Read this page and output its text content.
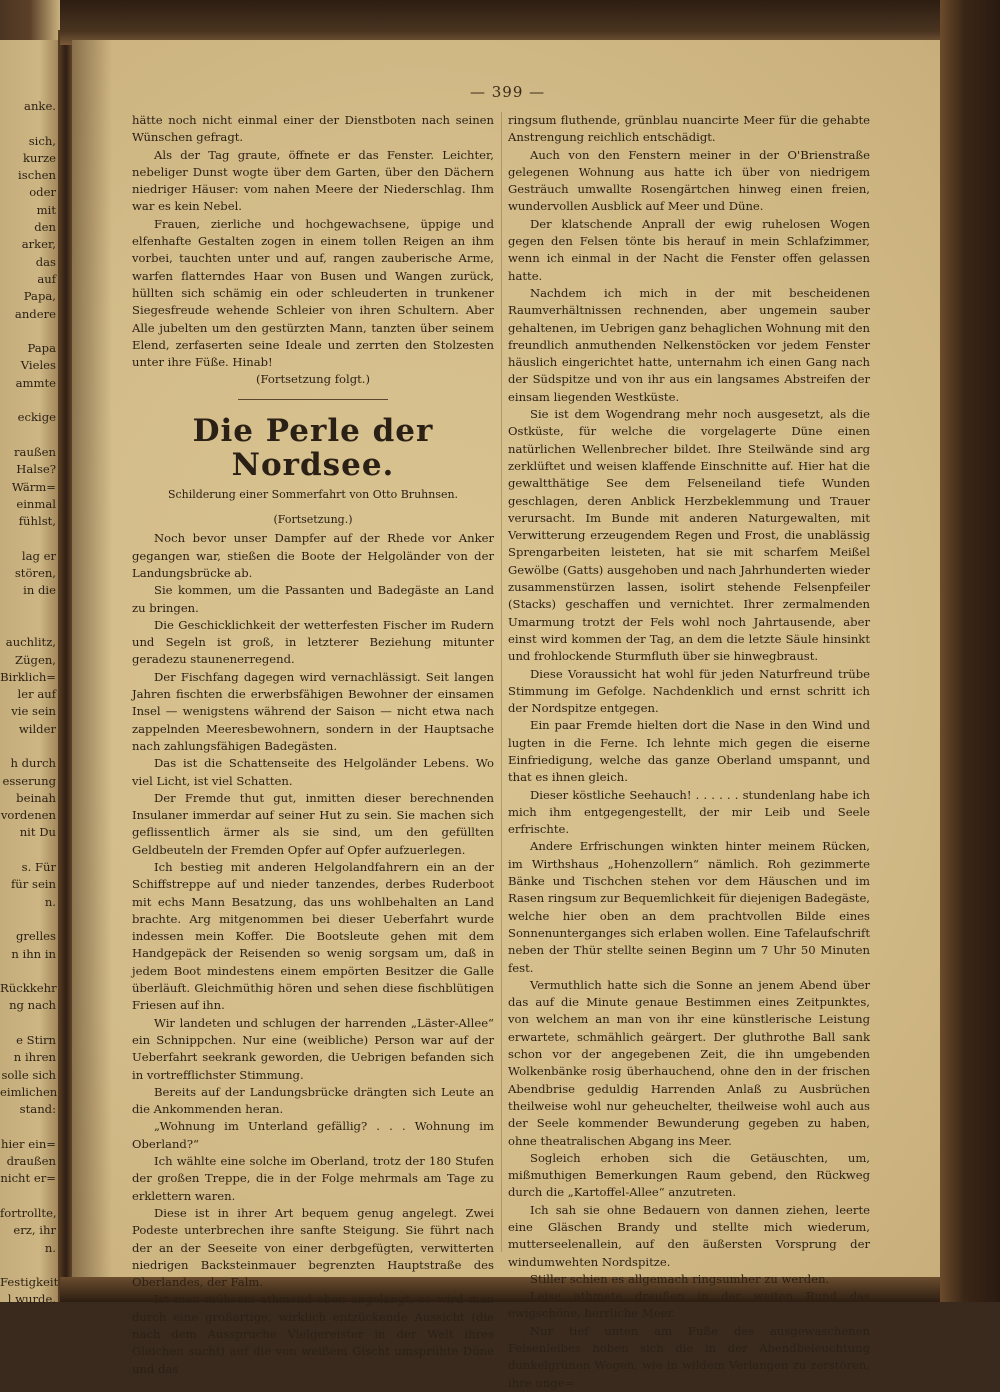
anke.
sich,
kurze
ischen
oder
mit
den
arker,
das
auf
Papa,
andere
Papa
Vieles
ammte
eckige
raußen
Halse?
Wärm=
einmal
fühlst,
lag er
stören,
in die
auchlitz,
Zügen,
Birklich=
ler auf
vie sein
wilder
h durch
esserung
beinah
vordenen
nit Du
s. Für
für sein
n.
grelles
n ihn in
Rückkehr
ng nach
e Stirn
n ihren
solle sich
eimlichen
stand:
hier ein=
draußen
nicht er=
fortrollte,
erz, ihr
n.
Festigkeit
l wurde,
— 399 —

hätte noch nicht einmal einer der Dienstboten nach seinen Wünschen gefragt.

Als der Tag graute, öffnete er das Fenster. Leichter, nebeliger Dunst wogte über dem Garten, über den Dächern niedriger Häuser: vom nahen Meere der Niederschlag. Ihm war es kein Nebel.

Frauen, zierliche und hochgewachsene, üppige und elfenhafte Gestalten zogen in einem tollen Reigen an ihm vorbei, tauchten unter und auf, rangen zauberische Arme, warfen flatterndes Haar von Busen und Wangen zurück, hüllten sich schämig ein oder schleuderten in trunkener Siegesfreude wehende Schleier von ihren Schultern. Aber Alle jubelten um den gestürzten Mann, tanzten über seinem Elend, zerfaserten seine Ideale und zerrten den Stolzesten unter ihre Füße. Hinab!

(Fortsetzung folgt.)

Die Perle der Nordsee.
Schilderung einer Sommerfahrt von Otto Bruhnsen.
(Fortsetzung.)

Noch bevor unser Dampfer auf der Rhede vor Anker gegangen war, stießen die Boote der Helgoländer von der Landungsbrücke ab.

Sie kommen, um die Passanten und Badegäste an Land zu bringen.

Die Geschicklichkeit der wetterfesten Fischer im Rudern und Segeln ist groß, in letzterer Beziehung mitunter geradezu staunenerregend.

Der Fischfang dagegen wird vernachlässigt. Seit langen Jahren fischten die erwerbsfähigen Bewohner der einsamen Insel — wenigstens während der Saison — nicht etwa nach zappelnden Meeresbewohnern, sondern in der Hauptsache nach zahlungsfähigen Badegästen.

Das ist die Schattenseite des Helgoländer Lebens. Wo viel Licht, ist viel Schatten.

Der Fremde thut gut, inmitten dieser berechnenden Insulaner immerdar auf seiner Hut zu sein. Sie machen sich geflissentlich ärmer als sie sind, um den gefüllten Geldbeuteln der Fremden Opfer auf Opfer aufzuerlegen.

Ich bestieg mit anderen Helgolandfahrern ein an der Schiffstreppe auf und nieder tanzendes, derbes Ruderboot mit echs Mann Besatzung, das uns wohlbehalten an Land brachte. Arg mitgenommen bei dieser Ueberfahrt wurde indessen mein Koffer. Die Bootsleute gehen mit dem Handgepäck der Reisenden so wenig sorgsam um, daß in jedem Boot mindestens einem empörten Besitzer die Galle überläuft. Gleichmüthig hören und sehen diese fischblütigen Friesen auf ihn.

Wir landeten und schlugen der harrenden „Läster-Allee“ ein Schnippchen. Nur eine (weibliche) Person war auf der Ueberfahrt seekrank geworden, die Uebrigen befanden sich in vortrefflichster Stimmung.

Bereits auf der Landungsbrücke drängten sich Leute an die Ankommenden heran.

„Wohnung im Unterland gefällig? . . . Wohnung im Oberland?“

Ich wählte eine solche im Oberland, trotz der 180 Stufen der großen Treppe, die in der Folge mehrmals am Tage zu erklettern waren.

Diese ist in ihrer Art bequem genug angelegt. Zwei Podeste unterbrechen ihre sanfte Steigung. Sie führt nach der an der Seeseite von einer derbgefügten, verwitterten niedrigen Backsteinmauer begrenzten Hauptstraße des Oberlandes, der Falm.

Ist man mühsam athmend oben angelangt, so wird man durch eine großartige, wirklich entzückende Aussicht (die nach dem Ausspruche Vielgereister in der Welt ihres Gleichen sucht) auf die von weißem Gischt umsprühte Düne und das

ringsum fluthende, grünblau nuancirte Meer für die gehabte Anstrengung reichlich entschädigt.

Auch von den Fenstern meiner in der O'Brienstraße gelegenen Wohnung aus hatte ich über von niedrigem Gesträuch umwallte Rosengärtchen hinweg einen freien, wundervollen Ausblick auf Meer und Düne.

Der klatschende Anprall der ewig ruhelosen Wogen gegen den Felsen tönte bis herauf in mein Schlafzimmer, wenn ich einmal in der Nacht die Fenster offen gelassen hatte.

Nachdem ich mich in der mit bescheidenen Raumverhältnissen rechnenden, aber ungemein sauber gehaltenen, im Uebrigen ganz behaglichen Wohnung mit den freundlich anmuthenden Nelkenstöcken vor jedem Fenster häuslich eingerichtet hatte, unternahm ich einen Gang nach der Südspitze und von ihr aus ein langsames Abstreifen der einsam liegenden Westküste.

Sie ist dem Wogendrang mehr noch ausgesetzt, als die Ostküste, für welche die vorgelagerte Düne einen natürlichen Wellenbrecher bildet. Ihre Steilwände sind arg zerklüftet und weisen klaffende Einschnitte auf. Hier hat die gewaltthätige See dem Felseneiland tiefe Wunden geschlagen, deren Anblick Herzbeklemmung und Trauer verursacht. Im Bunde mit anderen Naturgewalten, mit Verwitterung erzeugendem Regen und Frost, die unablässig Sprengarbeiten leisteten, hat sie mit scharfem Meißel Gewölbe (Gatts) ausgehoben und nach Jahrhunderten wieder zusammenstürzen lassen, isolirt stehende Felsenpfeiler (Stacks) geschaffen und vernichtet. Ihrer zermalmenden Umarmung trotzt der Fels wohl noch Jahrtausende, aber einst wird kommen der Tag, an dem die letzte Säule hinsinkt und frohlockende Sturmfluth über sie hinwegbraust.

Diese Voraussicht hat wohl für jeden Naturfreund trübe Stimmung im Gefolge. Nachdenklich und ernst schritt ich der Nordspitze entgegen.

Ein paar Fremde hielten dort die Nase in den Wind und lugten in die Ferne. Ich lehnte mich gegen die eiserne Einfriedigung, welche das ganze Oberland umspannt, und that es ihnen gleich.

Dieser köstliche Seehauch! . . . . . . stundenlang habe ich mich ihm entgegengestellt, der mir Leib und Seele erfrischte.

Andere Erfrischungen winkten hinter meinem Rücken, im Wirthshaus „Hohenzollern“ nämlich. Roh gezimmerte Bänke und Tischchen stehen vor dem Häuschen und im Rasen ringsum zur Bequemlichkeit für diejenigen Badegäste, welche hier oben an dem prachtvollen Bilde eines Sonnenunterganges sich erlaben wollen. Eine Tafelaufschrift neben der Thür stellte seinen Beginn um 7 Uhr 50 Minuten fest.

Vermuthlich hatte sich die Sonne an jenem Abend über das auf die Minute genaue Bestimmen eines Zeitpunktes, von welchem an man von ihr eine künstlerische Leistung erwartete, schmählich geärgert. Der gluthrothe Ball sank schon vor der angegebenen Zeit, die ihn umgebenden Wolkenbänke rosig überhauchend, ohne den in der frischen Abendbrise geduldig Harrenden Anlaß zu Ausbrüchen theilweise wohl nur geheuchelter, theilweise wohl auch aus der Seele kommender Bewunderung gegeben zu haben, ohne theatralischen Abgang ins Meer.

Sogleich erhoben sich die Getäuschten, um, mißmuthigen Bemerkungen Raum gebend, den Rückweg durch die „Kartoffel-Allee“ anzutreten.

Ich sah sie ohne Bedauern von dannen ziehen, leerte eine Gläschen Brandy und stellte mich wiederum, mutterseelenallein, auf den äußersten Vorsprung der windumwehten Nordspitze.

Stiller schien es allgemach ringsumher zu werden.

Leise athmete draußen in der weiten Rund das ewigschöne, herrliche Meer.

Nur tief unten am Fuße des ausgewaschenen Felsenleibes hoben sich die in der Abendbeleuchtung dunkelgrünen Wogen, wie in wildem Verlangen zu zerstören, ihre unge=
